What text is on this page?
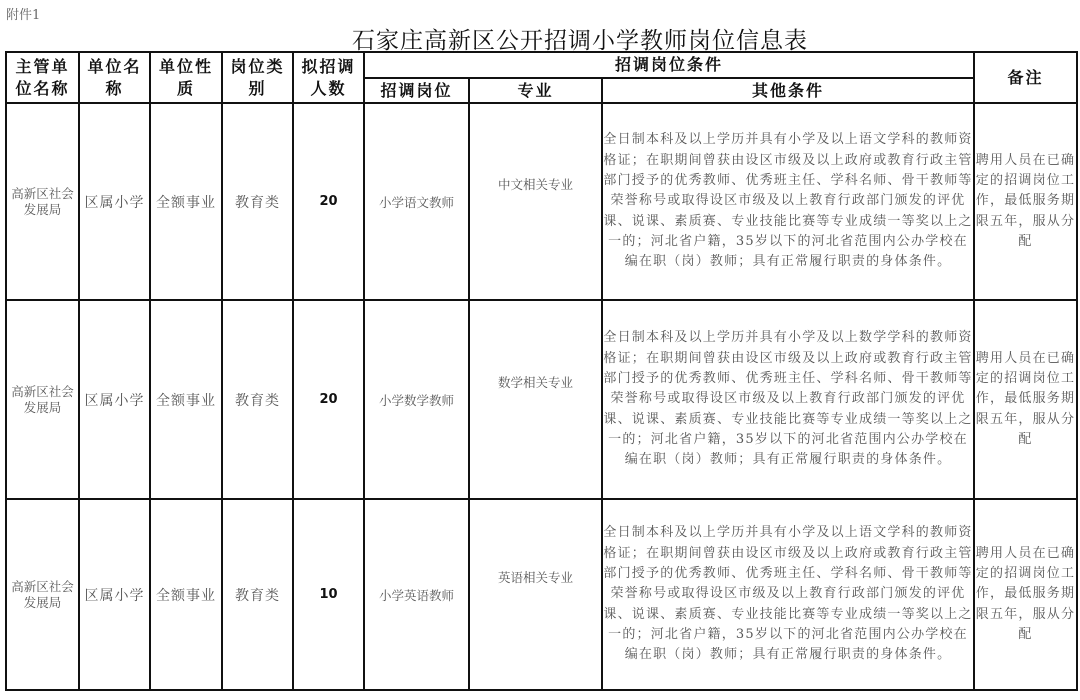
附件1
石家庄高新区公开招调小学教师岗位信息表
主管单位名称	单位名称	单位性质	岗位类别	拟招调人数	招调岗位条件			备注
					招调岗位	专业	其他条件	
高新区社会发展局	区属小学	全额事业	教育类	20	小学语文教师	中文相关专业	全日制本科及以上学历并具有小学及以上语文学科的教师资格证；在职期间曾获由设区市级及以上政府或教育行政主管部门授予的优秀教师、优秀班主任、学科名师、骨干教师等荣誉称号或取得设区市级及以上教育行政部门颁发的评优课、说课、素质赛、专业技能比赛等专业成绩一等奖以上之一的；河北省户籍，35岁以下的河北省范围内公办学校在编在职（岗）教师；具有正常履行职责的身体条件。	聘用人员在已确定的招调岗位工作，最低服务期限五年，服从分配
高新区社会发展局	区属小学	全额事业	教育类	20	小学数学教师	数学相关专业	全日制本科及以上学历并具有小学及以上数学学科的教师资格证；在职期间曾获由设区市级及以上政府或教育行政主管部门授予的优秀教师、优秀班主任、学科名师、骨干教师等荣誉称号或取得设区市级及以上教育行政部门颁发的评优课、说课、素质赛、专业技能比赛等专业成绩一等奖以上之一的；河北省户籍，35岁以下的河北省范围内公办学校在编在职（岗）教师；具有正常履行职责的身体条件。	聘用人员在已确定的招调岗位工作，最低服务期限五年，服从分配
高新区社会发展局	区属小学	全额事业	教育类	10	小学英语教师	英语相关专业	全日制本科及以上学历并具有小学及以上语文学科的教师资格证；在职期间曾获由设区市级及以上政府或教育行政主管部门授予的优秀教师、优秀班主任、学科名师、骨干教师等荣誉称号或取得设区市级及以上教育行政部门颁发的评优课、说课、素质赛、专业技能比赛等专业成绩一等奖以上之一的；河北省户籍，35岁以下的河北省范围内公办学校在编在职（岗）教师；具有正常履行职责的身体条件。	聘用人员在已确定的招调岗位工作，最低服务期限五年，服从分配
